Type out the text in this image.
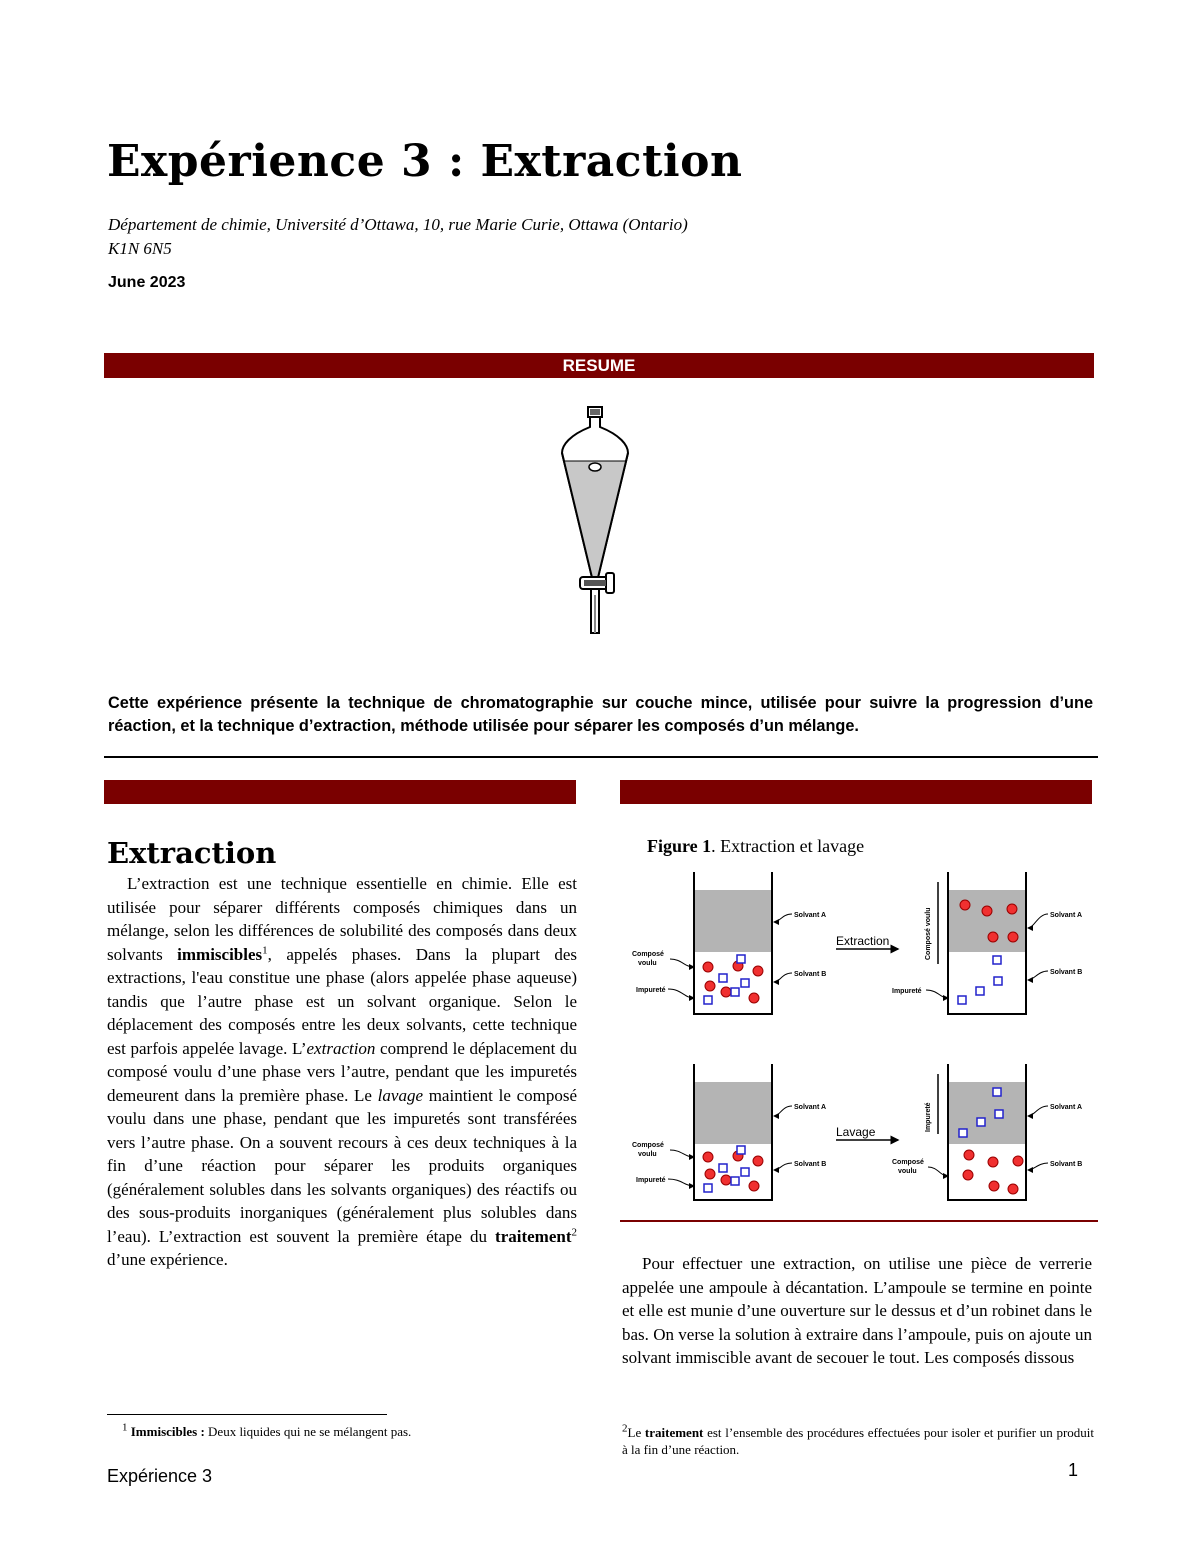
Expérience 3 : Extraction
Département de chimie, Université d’Ottawa, 10, rue Marie Curie, Ottawa (Ontario)
K1N 6N5
June 2023
RESUME
Cette expérience présente la technique de chromatographie sur couche mince, utilisée pour suivre la progression d’une réaction, et la technique d’extraction, méthode utilisée pour séparer les composés d’un mélange.
Extraction

L’extraction est une technique essentielle en chimie. Elle est utilisée pour séparer différents composés chimiques dans un mélange, selon les différences de solubilité des composés dans deux solvants immiscibles$^1$, appelés phases. Dans la plupart des extractions, l'eau constitue une phase (alors appelée phase aqueuse) tandis que l’autre phase est un solvant organique. Selon le déplacement des composés entre les deux solvants, cette technique est parfois appelée lavage. L’extraction comprend le déplacement du composé voulu d’une phase vers l’autre, pendant que les impuretés demeurent dans la première phase. Le lavage maintient le composé voulu dans une phase, pendant que les impuretés sont transférées vers l’autre phase. On a souvent recours à ces deux techniques à la fin d’une réaction pour séparer les produits organiques (généralement solubles dans les solvants organiques) des réactifs ou des sous-produits inorganiques (généralement plus solubles dans l’eau). L’extraction est souvent la première étape du traitement$^2$ d’une expérience.

Figure 1. Extraction et lavage
Solvant A
Solvant B
Composé
voulu
Impureté
Extraction	Composé voulu	Solvant A
Solvant B
Impureté
Solvant A
Solvant B
Composé
voulu
Impureté
Lavage	Impureté	Solvant A
Solvant B
Composé
voulu

Pour effectuer une extraction, on utilise une pièce de verrerie appelée une ampoule à décantation. L’ampoule se termine en pointe et elle est munie d’une ouverture sur le dessus et d’un robinet dans le bas. On verse la solution à extraire dans l’ampoule, puis on ajoute un solvant immiscible avant de secouer le tout. Les composés dissous

$^1$ Immiscibles : Deux liquides qui ne se mélangent pas.	$^2$Le traitement est l’ensemble des procédures effectuées pour isoler et purifier un produit à la fin d’une réaction.
Expérience 3	1
